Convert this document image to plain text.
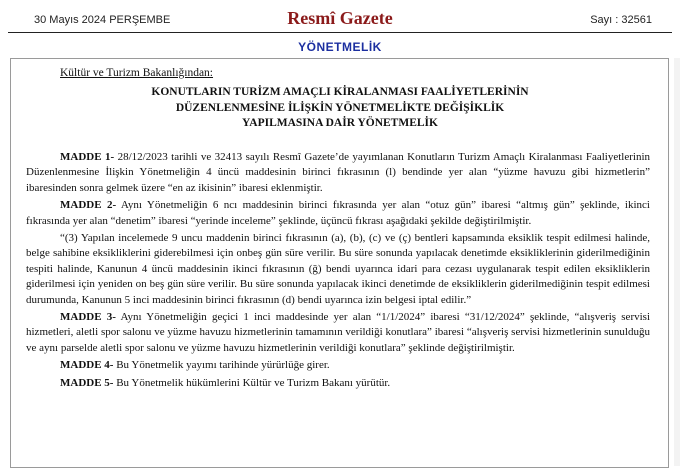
30 Mayıs 2024 PERŞEMBE	Resmî Gazete	Sayı : 32561
YÖNETMELİK
Kültür ve Turizm Bakanlığından:
KONUTLARIN TURİZM AMAÇLI KİRALANMASI FAALİYETLERİNİN
DÜZENLENMESİNE İLİŞKİN YÖNETMELİKTE DEĞİŞİKLİK
YAPILMASINA DAİR YÖNETMELİK

MADDE 1- 28/12/2023 tarihli ve 32413 sayılı Resmî Gazete’de yayımlanan Konutların Turizm Amaçlı Kiralanması Faaliyetlerinin Düzenlenmesine İlişkin Yönetmeliğin 4 üncü maddesinin birinci fıkrasının (l) bendinde yer alan “yüzme havuzu gibi hizmetlerin” ibaresinden sonra gelmek üzere “en az ikisinin” ibaresi eklenmiştir.

MADDE 2- Aynı Yönetmeliğin 6 ncı maddesinin birinci fıkrasında yer alan “otuz gün” ibaresi “altmış gün” şeklinde, ikinci fıkrasında yer alan “denetim” ibaresi “yerinde inceleme” şeklinde, üçüncü fıkrası aşağıdaki şekilde değiştirilmiştir.

“(3) Yapılan incelemede 9 uncu maddenin birinci fıkrasının (a), (b), (c) ve (ç) bentleri kapsamında eksiklik tespit edilmesi halinde, belge sahibine eksikliklerini giderebilmesi için onbeş gün süre verilir. Bu süre sonunda yapılacak denetimde eksikliklerinin giderilmediğinin tespiti halinde, Kanunun 4 üncü maddesinin ikinci fıkrasının (ğ) bendi uyarınca idari para cezası uygulanarak tespit edilen eksikliklerin giderilmesi için yeniden on beş gün süre verilir. Bu süre sonunda yapılacak ikinci denetimde de eksikliklerin giderilmediğinin tespit edilmesi durumunda, Kanunun 5 inci maddesinin birinci fıkrasının (d) bendi uyarınca izin belgesi iptal edilir.”

MADDE 3- Aynı Yönetmeliğin geçici 1 inci maddesinde yer alan “1/1/2024” ibaresi “31/12/2024” şeklinde, “alışveriş servisi hizmetleri, aletli spor salonu ve yüzme havuzu hizmetlerinin tamamının verildiği konutlara” ibaresi “alışveriş servisi hizmetlerinin sunulduğu ve aynı parselde aletli spor salonu ve yüzme havuzu hizmetlerinin verildiği konutlara” şeklinde değiştirilmiştir.

MADDE 4- Bu Yönetmelik yayımı tarihinde yürürlüğe girer.

MADDE 5- Bu Yönetmelik hükümlerini Kültür ve Turizm Bakanı yürütür.
